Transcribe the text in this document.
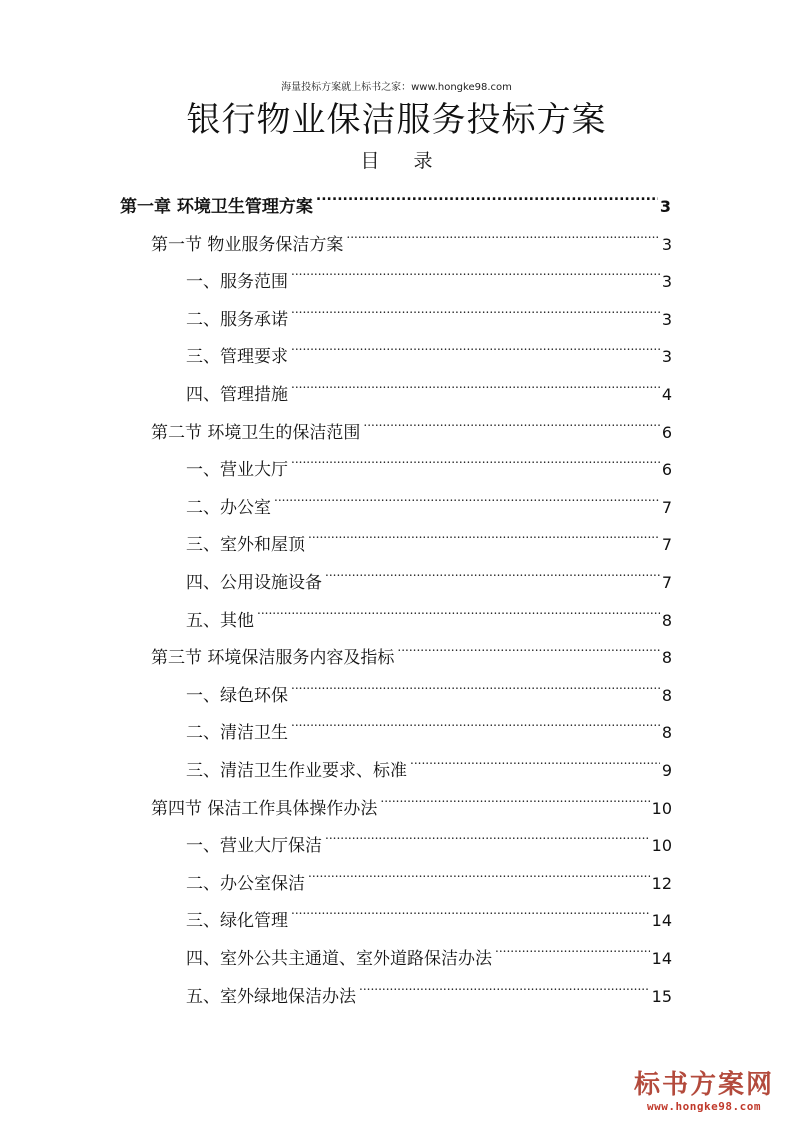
海量投标方案就上标书之家：www.hongke98.com
银行物业保洁服务投标方案
目 录
第一章 环境卫生管理方案 .....	3
第一节 物业服务保洁方案 .....	3
一、服务范围 .....	3
二、服务承诺 .....	3
三、管理要求 .....	3
四、管理措施 .....	4
第二节 环境卫生的保洁范围 .....	6
一、营业大厅 .....	6
二、办公室 .....	7
三、室外和屋顶 .....	7
四、公用设施设备 .....	7
五、其他 .....	8
第三节 环境保洁服务内容及指标 .....	8
一、绿色环保 .....	8
二、清洁卫生 .....	8
三、清洁卫生作业要求、标准 .....	9
第四节 保洁工作具体操作办法 .....	10
一、营业大厅保洁 .....	10
二、办公室保洁 .....	12
三、绿化管理 .....	14
四、室外公共主通道、室外道路保洁办法 .....	14
五、室外绿地保洁办法 .....	15
标书方案网
www.hongke98.com
